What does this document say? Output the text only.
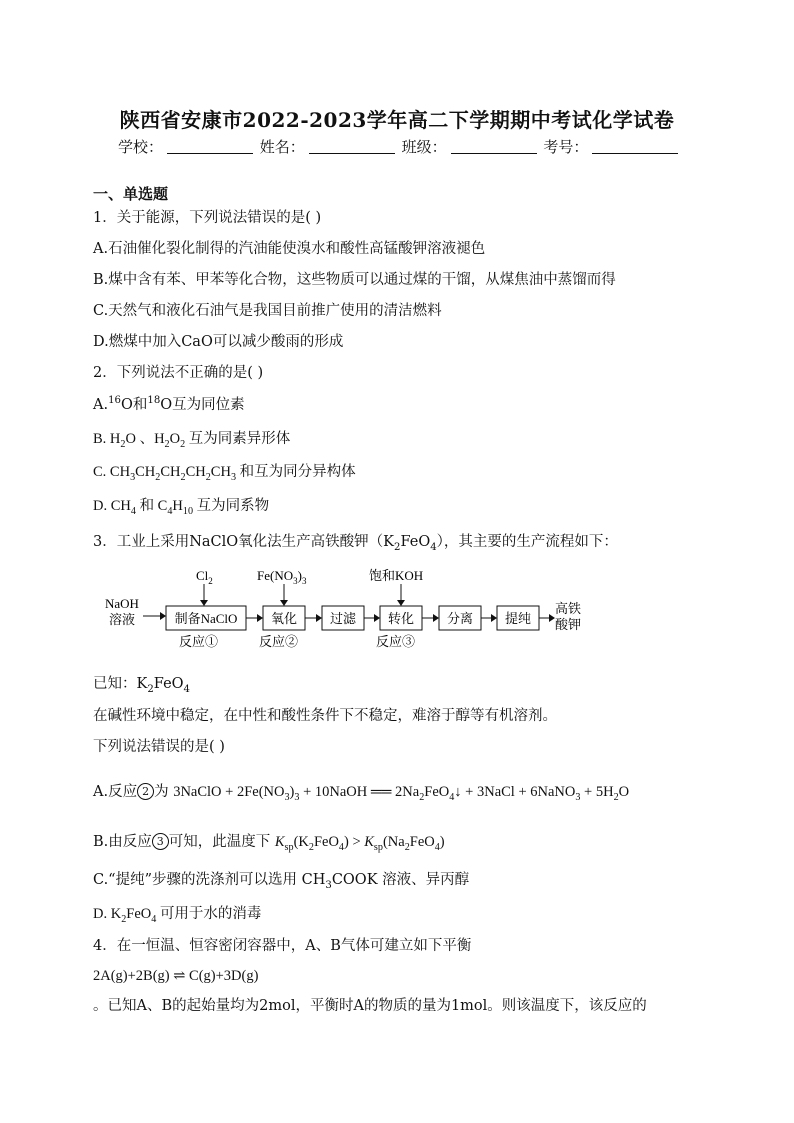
陕西省安康市2022-2023学年高二下学期期中考试化学试卷
学校：	姓名：	班级：	考号：
一、单选题
1．关于能源，下列说法错误的是( )
A.石油催化裂化制得的汽油能使溴水和酸性高锰酸钾溶液褪色
B.煤中含有苯、甲苯等化合物，这些物质可以通过煤的干馏，从煤焦油中蒸馏而得
C.天然气和液化石油气是我国目前推广使用的清洁燃料
D.燃煤中加入CaO可以减少酸雨的形成
2．下列说法不正确的是( )
A.$^{16}$O和$^{18}$O互为同位素
B. $H_2O$ 、$H_2O_2$ 互为同素异形体
C. $CH_3CH_2CH_2CH_2CH_3$ 和互为同分异构体
D. $CH_4$ 和 $C_4H_{10}$ 互为同系物
3．工业上采用NaClO氧化法生产高铁酸钾$(K_2FeO_4)$，其主要的生产流程如下：
NaOH
溶液	制备NaClO	氧化	过滤 转化	分离 提纯
高铁
酸钾
$Cl_2$	$Fe(NO_3)_3$	饱和KOH
反应①	反应②	反应③
已知：$K_2FeO_4$
在碱性环境中稳定，在中性和酸性条件下不稳定，难溶于醇等有机溶剂。
下列说法错误的是( )
A.反应 2 为 3NaClO + $2Fe(NO_3)_3$ + 10NaOH ══ $2Na_2FeO_4↓$ + 3NaCl + 6NaNO$_3$ + $5H_2O$
B.由反应 3 可知，此温度下 $K_{sp}(K_2FeO_4) > K_{sp}(Na_2FeO_4)$
C.“提纯”步骤的洗涤剂可以选用 $CH_3COOK$ 溶液、异丙醇
D. $K_2FeO_4$ 可用于水的消毒
4．在一恒温、恒容密闭容器中，A、B气体可建立如下平衡
2A(g)+2B(g) ⇌ C(g)+3D(g)
。已知A、B的起始量均为2mol，平衡时A的物质的量为1mol。则该温度下，该反应的
